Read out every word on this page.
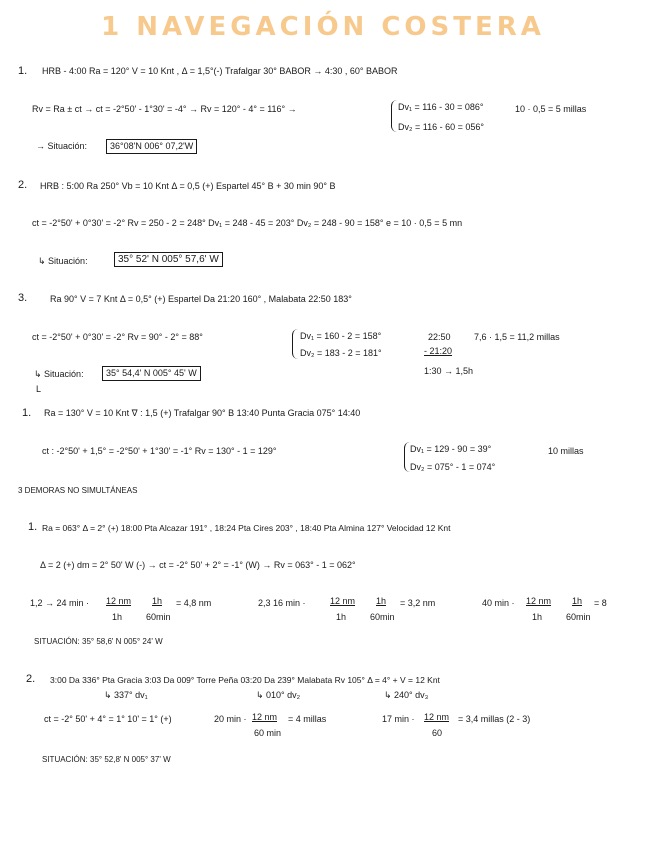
1 NAVEGACIÓN COSTERA
1. HRB - 4:00 Ra = 120° V = 10 Knt , Δ = 1,5°(-) Trafalgar 30° BABOR → 4:30 , 60° BABOR
Rv = Ra ± ct → ct = -2°50' - 1°30' = -4° → Rv = 120° - 4° = 116° →	Dv₁ = 116 - 30 = 086°
Dv₂ = 116 - 60 = 056°
10 · 0,5 = 5 millas
→ Situación:	36°08'N 006° 07,2'W
2. HRB : 5:00 Ra 250° Vb = 10 Knt Δ = 0,5 (+) Espartel 45° B + 30 min 90° B
ct = -2°50' + 0°30' = -2° Rv = 250 - 2 = 248° Dv₁ = 248 - 45 = 203° Dv₂ = 248 - 90 = 158° e = 10 · 0,5 = 5 mn
↳ Situación:	35° 52' N 005° 57,6' W
3.	Ra 90° V = 7 Knt Δ = 0,5° (+) Espartel Da 21:20 160° , Malabata 22:50 183°
ct = -2°50' + 0°30' = -2° Rv = 90° - 2° = 88°	Dv₁ = 160 - 2 = 158°
Dv₂ = 183 - 2 = 181°
22:50
- 21:20
1:30 → 1,5h
7,6 · 1,5 = 11,2 millas
↳ Situación:	35° 54,4' N 005° 45' W
L
1. Ra = 130° V = 10 Knt ∇ : 1,5 (+) Trafalgar 90° B 13:40 Punta Gracia 075° 14:40
ct : -2°50' + 1,5° = -2°50' + 1°30' = -1° Rv = 130° - 1 = 129°	Dv₁ = 129 - 90 = 39°
Dv₂ = 075° - 1 = 074°
10 millas
3 DEMORAS NO SIMULTÁNEAS
1. Ra = 063° Δ = 2° (+) 18:00 Pta Alcazar 191° , 18:24 Pta Cires 203° , 18:40 Pta Almina 127° Velocidad 12 Knt
Δ = 2 (+) dm = 2° 50' W (-) → ct = -2° 50' + 2° = -1° (W) → Rv = 063° - 1 = 062°
1,2 → 24 min · 12 nm
1h
1h
60min
= 4,8 nm	2,3 16 min ·	12 nm
1h
1h
60min
= 3,2 nm	40 min · 12 nm
1h
1h
60min
= 8
SITUACIÓN: 35° 58,6' N 005° 24' W
2. 3:00 Da 336° Pta Gracia 3:03 Da 009° Torre Peña 03:20 Da 239° Malabata Rv 105° Δ = 4° + V = 12 Knt
↳ 337° dv₁	↳ 010° dv₂	↳ 240° dv₃
ct = -2° 50' + 4° = 1° 10' = 1° (+)	20 min · 12 nm
60 min
= 4 millas	17 min · 12 nm
60
= 3,4 millas (2 - 3)
SITUACIÓN: 35° 52,8' N 005° 37' W
